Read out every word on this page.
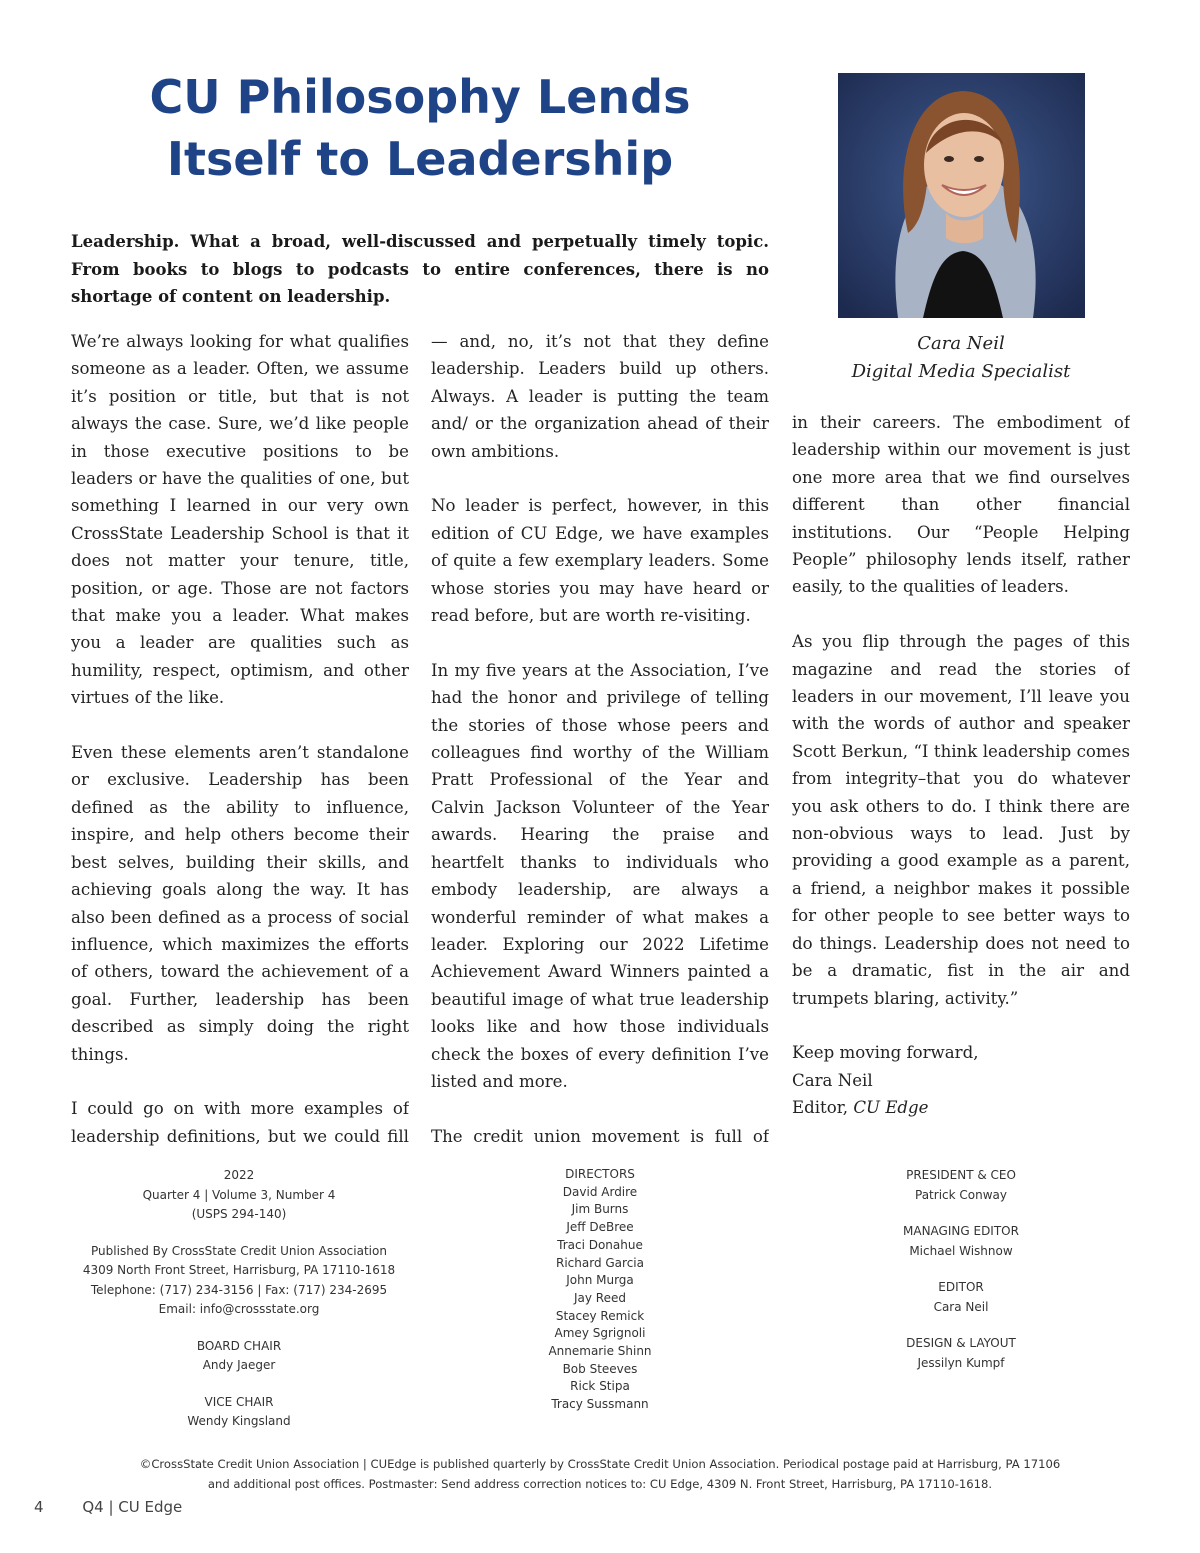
CU Philosophy Lends
Itself to Leadership
Cara Neil
Digital Media Specialist

Leadership. What a broad, well-discussed and perpetually timely topic. From books to blogs to podcasts to entire conferences, there is no shortage of content on leadership.

We’re always looking for what qualifies someone as a leader. Often, we assume it’s position or title, but that is not always the case. Sure, we’d like people in those executive positions to be leaders or have the qualities of one, but something I learned in our very own CrossState Leadership School is that it does not matter your tenure, title, position, or age. Those are not factors that make you a leader. What makes you a leader are qualities such as humility, respect, optimism, and other virtues of the like.

Even these elements aren’t standalone or exclusive. Leadership has been defined as the ability to influence, inspire, and help others become their best selves, building their skills, and achieving goals along the way. It has also been defined as a process of social influence, which maximizes the efforts of others, toward the achievement of a goal. Further, leadership has been described as simply doing the right things.

I could go on with more examples of leadership definitions, but we could fill

— and, no, it’s not that they define leadership. Leaders build up others. Always. A leader is putting the team and/ or the organization ahead of their own ambitions.

No leader is perfect, however, in this edition of CU Edge, we have examples of quite a few exemplary leaders. Some whose stories you may have heard or read before, but are worth re-visiting.

In my five years at the Association, I’ve had the honor and privilege of telling the stories of those whose peers and colleagues find worthy of the William Pratt Professional of the Year and Calvin Jackson Volunteer of the Year awards. Hearing the praise and heartfelt thanks to individuals who embody leadership, are always a wonderful reminder of what makes a leader. Exploring our 2022 Lifetime Achievement Award Winners painted a beautiful image of what true leadership looks like and how those individuals check the boxes of every definition I’ve listed and more.

The credit union movement is full of

in their careers. The embodiment of leadership within our movement is just one more area that we find ourselves different than other financial institutions. Our “People Helping People” philosophy lends itself, rather easily, to the qualities of leaders.

As you flip through the pages of this magazine and read the stories of leaders in our movement, I’ll leave you with the words of author and speaker Scott Berkun, “I think leadership comes from integrity–that you do whatever you ask others to do. I think there are non-obvious ways to lead. Just by providing a good example as a parent, a friend, a neighbor makes it possible for other people to see better ways to do things. Leadership does not need to be a dramatic, fist in the air and trumpets blaring, activity.”

Keep moving forward,
Cara Neil
Editor, CU Edge

2022
Quarter 4 | Volume 3, Number 4
(USPS 294-140)
Published By CrossState Credit Union Association
4309 North Front Street, Harrisburg, PA 17110-1618
Telephone: (717) 234-3156 | Fax: (717) 234-2695
Email: info@crossstate.org
BOARD CHAIR
Andy Jaeger
VICE CHAIR
Wendy Kingsland
DIRECTORS
David Ardire
Jim Burns
Jeff DeBree
Traci Donahue
Richard Garcia
John Murga
Jay Reed
Stacey Remick
Amey Sgrignoli
Annemarie Shinn
Bob Steeves
Rick Stipa
Tracy Sussmann
PRESIDENT & CEO
Patrick Conway
MANAGING EDITOR
Michael Wishnow
EDITOR
Cara Neil
DESIGN & LAYOUT
Jessilyn Kumpf
©CrossState Credit Union Association | CUEdge is published quarterly by CrossState Credit Union Association. Periodical postage paid at Harrisburg, PA 17106
and additional post offices. Postmaster: Send address correction notices to: CU Edge, 4309 N. Front Street, Harrisburg, PA 17110-1618.
4	Q4 | CU Edge
